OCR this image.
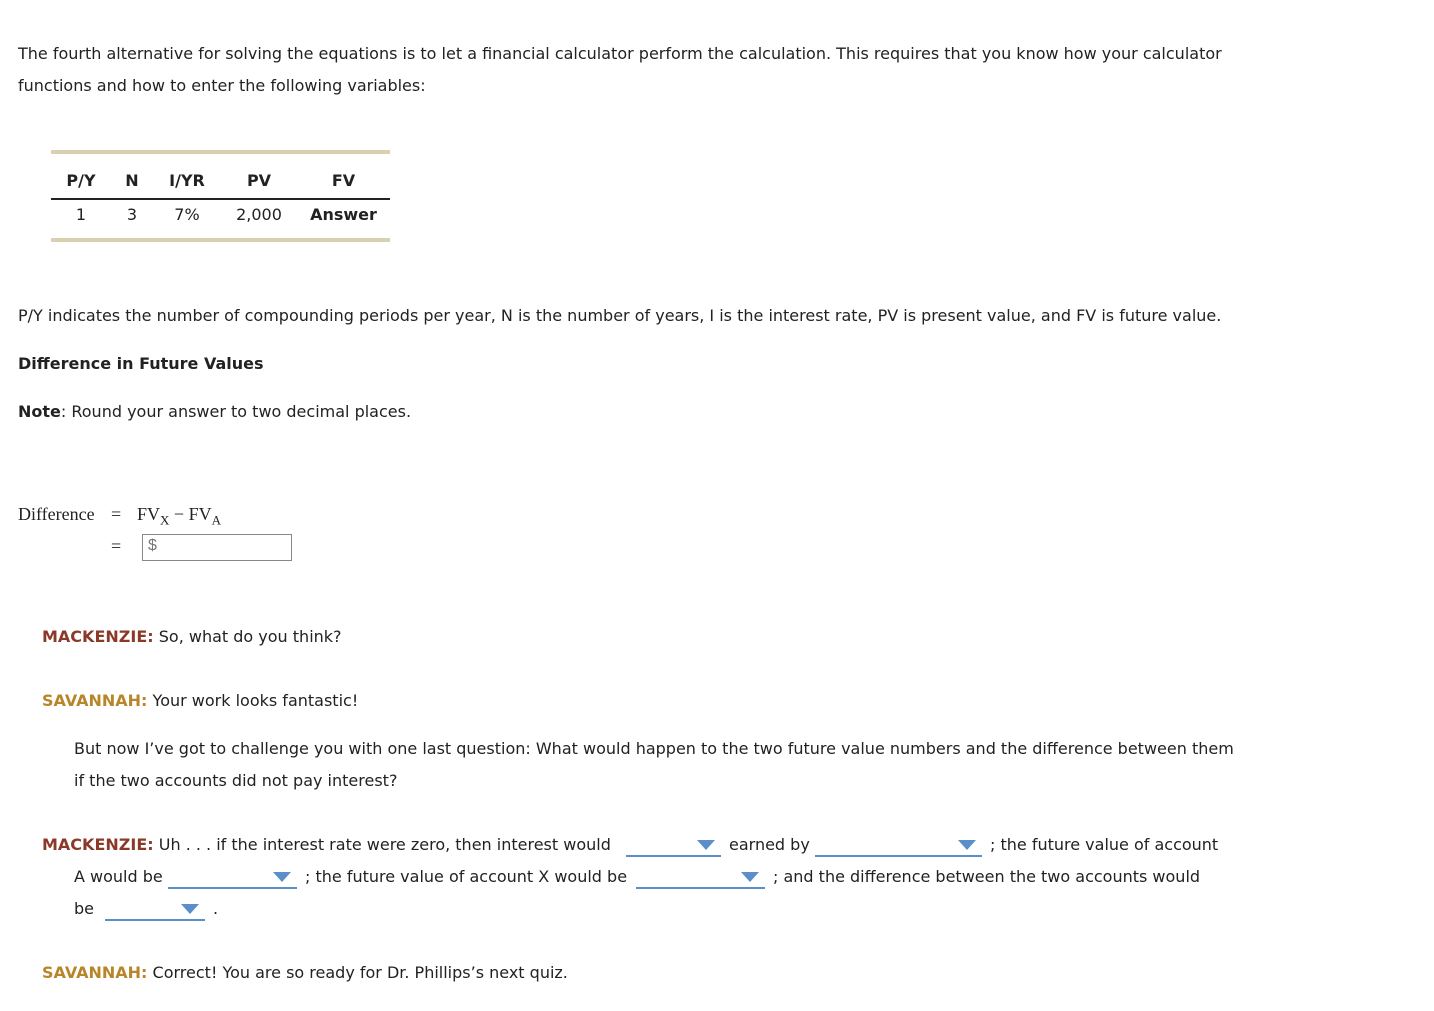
The fourth alternative for solving the equations is to let a financial calculator perform the calculation. This requires that you know how your calculator functions and how to enter the following variables:
P/Y	N	I/YR	PV	FV
1	3	7%	2,000	Answer
P/Y indicates the number of compounding periods per year, N is the number of years, I is the interest rate, PV is present value, and FV is future value.
Difference in Future Values
Note: Round your answer to two decimal places.
Difference = $FV_X - FV_A$
= $
MACKENZIE: So, what do you think?
SAVANNAH: Your work looks fantastic!
But now I’ve got to challenge you with one last question: What would happen to the two future value numbers and the difference between them if the two accounts did not pay interest?
MACKENZIE: Uh . . . if the interest rate were zero, then interest would	earned by	; the future value of account
A would be	; the future value of account X would be	; and the difference between the two accounts would
be	.
SAVANNAH: Correct! You are so ready for Dr. Phillips’s next quiz.
